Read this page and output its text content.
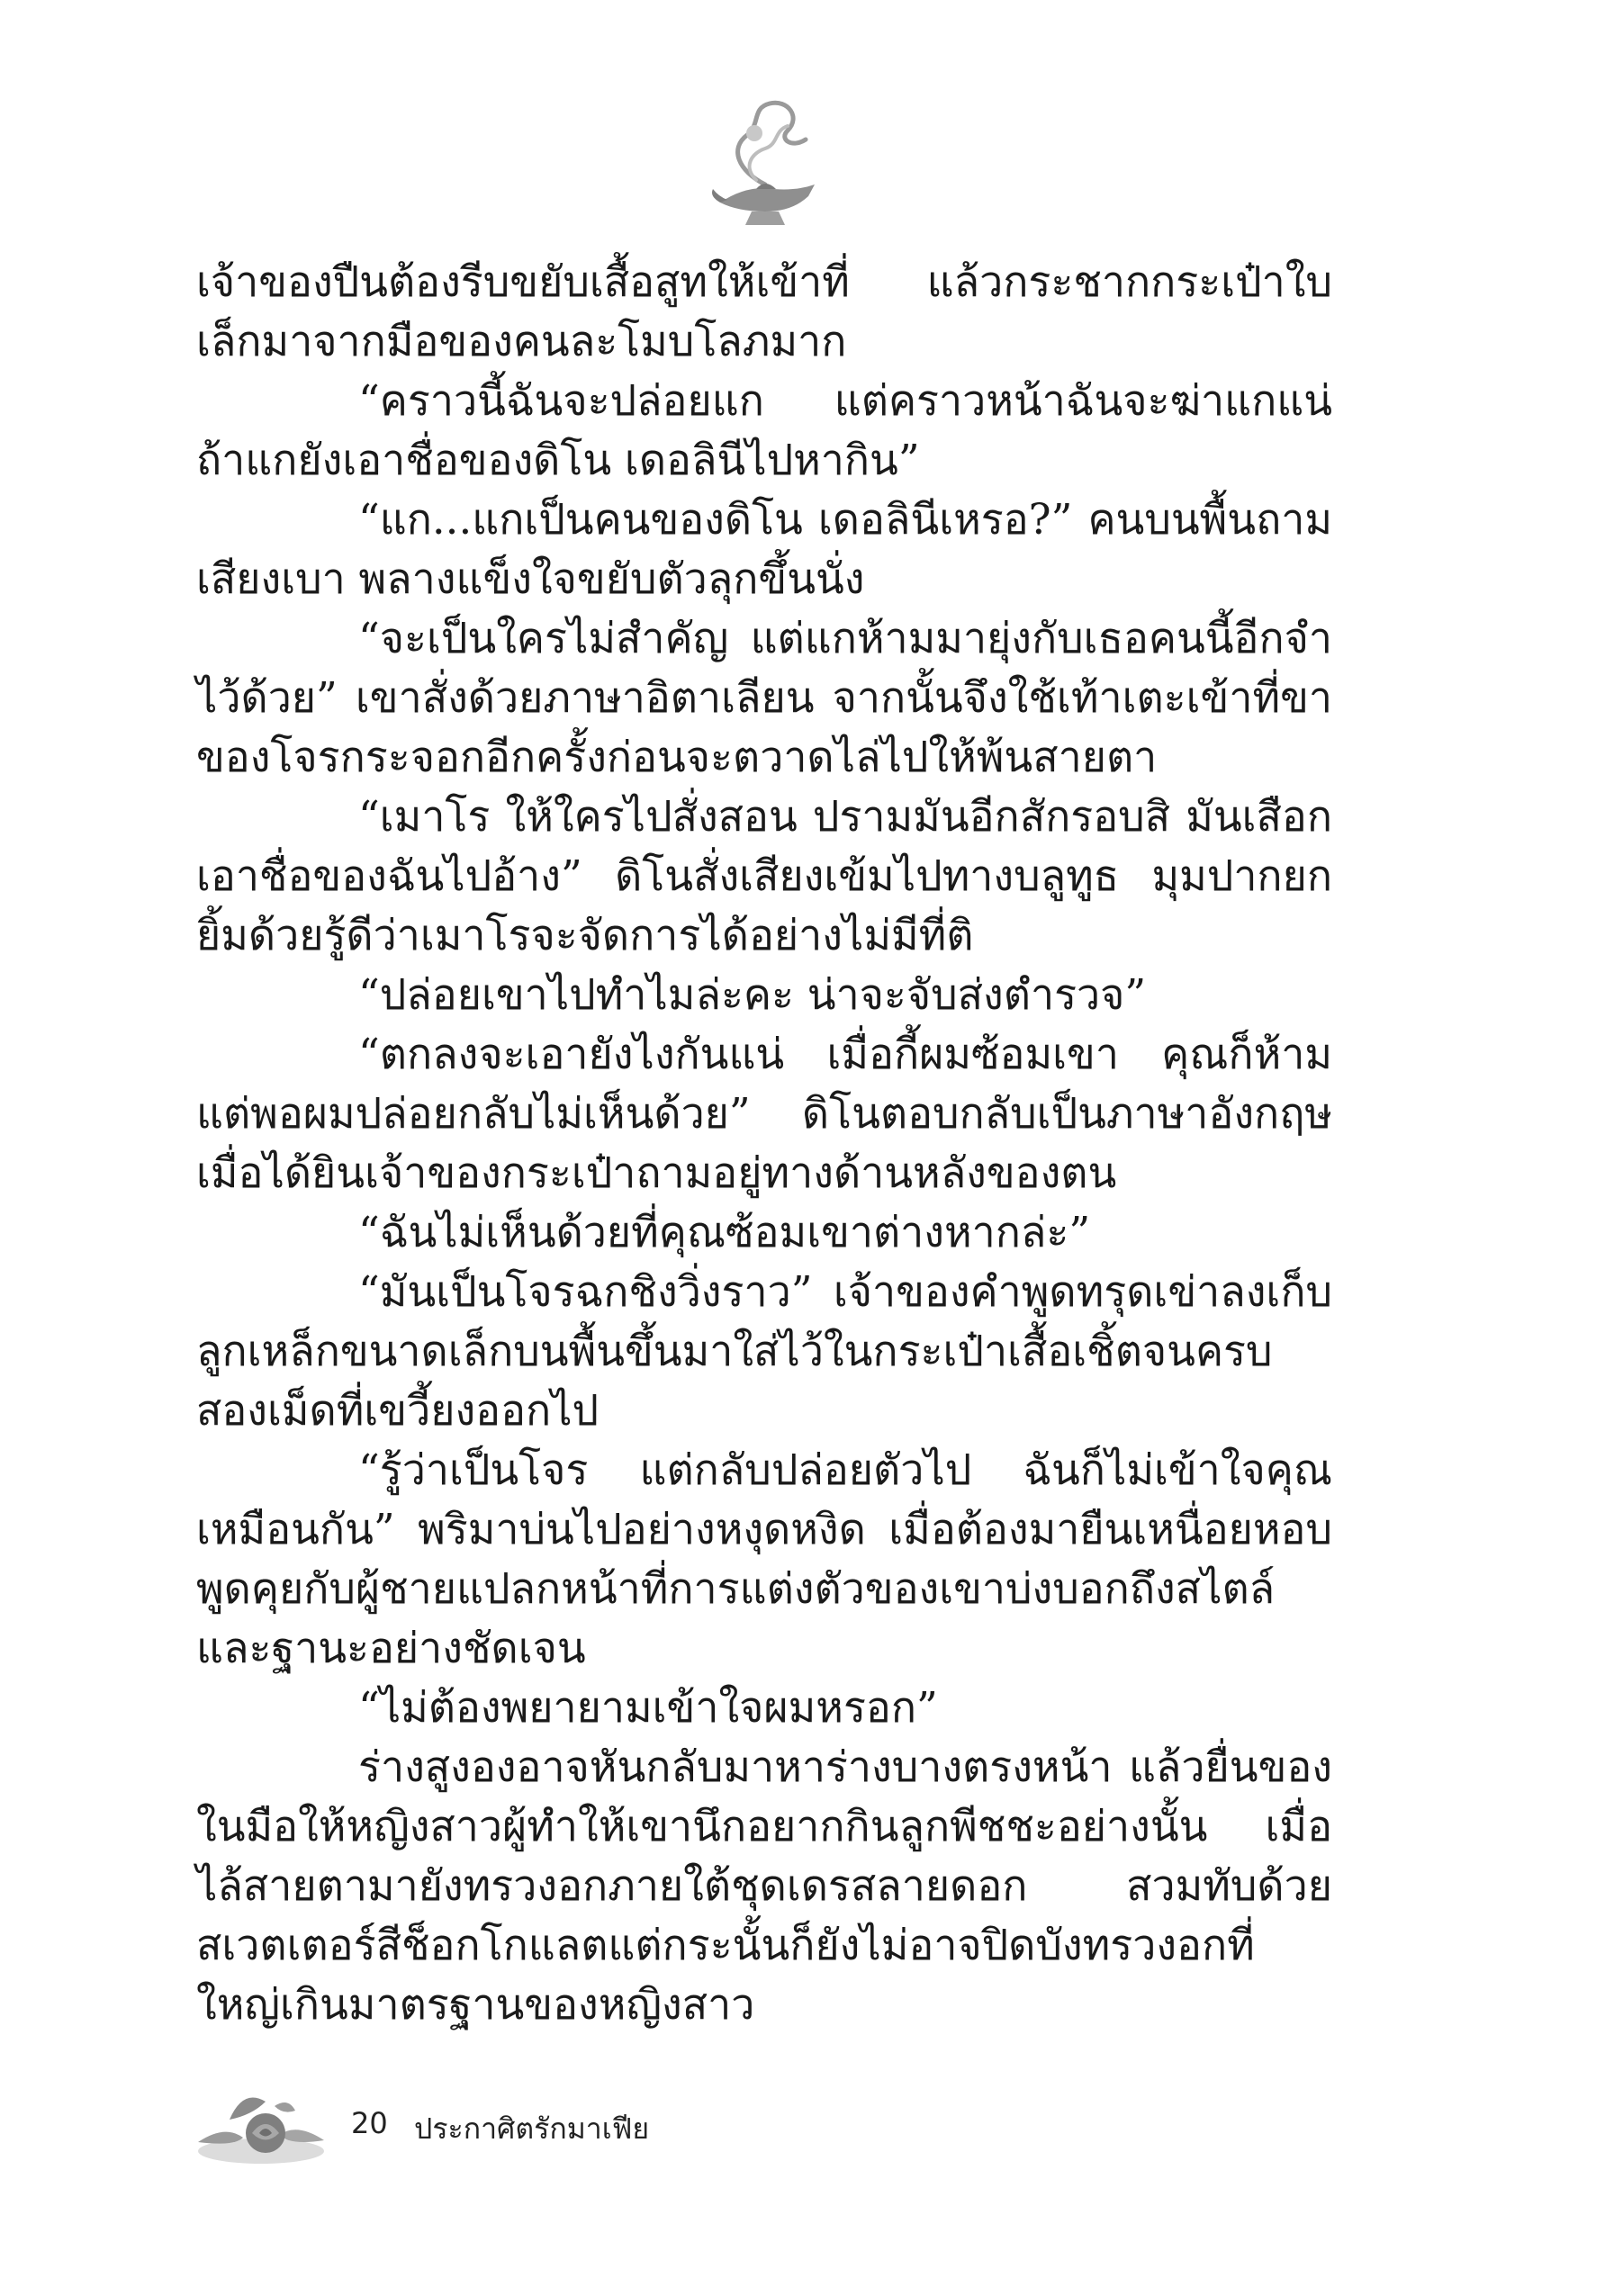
เจ้าของปืนต้องรีบขยับเสื้อสูทให้เข้าที่ แล้วกระชากกระเป๋าใบเล็กมาจากมือของคนละโมบโลภมาก

“คราวนี้ฉันจะปล่อยแก แต่คราวหน้าฉันจะฆ่าแกแน่ ถ้าแกยังเอาชื่อของดิโน เดอลินีไปหากิน”

“แก...แกเป็นคนของดิโน เดอลินีเหรอ?” คนบนพื้นถามเสียงเบา พลางแข็งใจขยับตัวลุกขึ้นนั่ง

“จะเป็นใครไม่สำคัญ แต่แกห้ามมายุ่งกับเธอคนนี้อีกจำไว้ด้วย” เขาสั่งด้วยภาษาอิตาเลียน จากนั้นจึงใช้เท้าเตะเข้าที่ขาของโจรกระจอกอีกครั้งก่อนจะตวาดไล่ไปให้พ้นสายตา

“เมาโร ให้ใครไปสั่งสอน ปรามมันอีกสักรอบสิ มันเสือกเอาชื่อของฉันไปอ้าง” ดิโนสั่งเสียงเข้มไปทางบลูทูธ มุมปากยกยิ้มด้วยรู้ดีว่าเมาโรจะจัดการได้อย่างไม่มีที่ติ

“ปล่อยเขาไปทำไมล่ะคะ น่าจะจับส่งตำรวจ”

“ตกลงจะเอายังไงกันแน่ เมื่อกี้ผมซ้อมเขา คุณก็ห้าม แต่พอผมปล่อยกลับไม่เห็นด้วย” ดิโนตอบกลับเป็นภาษาอังกฤษเมื่อได้ยินเจ้าของกระเป๋าถามอยู่ทางด้านหลังของตน

“ฉันไม่เห็นด้วยที่คุณซ้อมเขาต่างหากล่ะ”

“มันเป็นโจรฉกชิงวิ่งราว” เจ้าของคำพูดทรุดเข่าลงเก็บลูกเหล็กขนาดเล็กบนพื้นขึ้นมาใส่ไว้ในกระเป๋าเสื้อเชิ้ตจนครบสองเม็ดที่เขวี้ยงออกไป

“รู้ว่าเป็นโจร แต่กลับปล่อยตัวไป ฉันก็ไม่เข้าใจคุณเหมือนกัน” พริมาบ่นไปอย่างหงุดหงิด เมื่อต้องมายืนเหนื่อยหอบพูดคุยกับผู้ชายแปลกหน้าที่การแต่งตัวของเขาบ่งบอกถึงสไตล์และฐานะอย่างชัดเจน

“ไม่ต้องพยายามเข้าใจผมหรอก”

ร่างสูงองอาจหันกลับมาหาร่างบางตรงหน้า แล้วยื่นของในมือให้หญิงสาวผู้ทำให้เขานึกอยากกินลูกพีชชะอย่างนั้น เมื่อไล้สายตามายังทรวงอกภายใต้ชุดเดรสลายดอก สวมทับด้วยสเวตเตอร์สีช็อกโกแลตแต่กระนั้นก็ยังไม่อาจปิดบังทรวงอกที่ใหญ่เกินมาตรฐานของหญิงสาว

20 ประกาศิตรักมาเฟีย
